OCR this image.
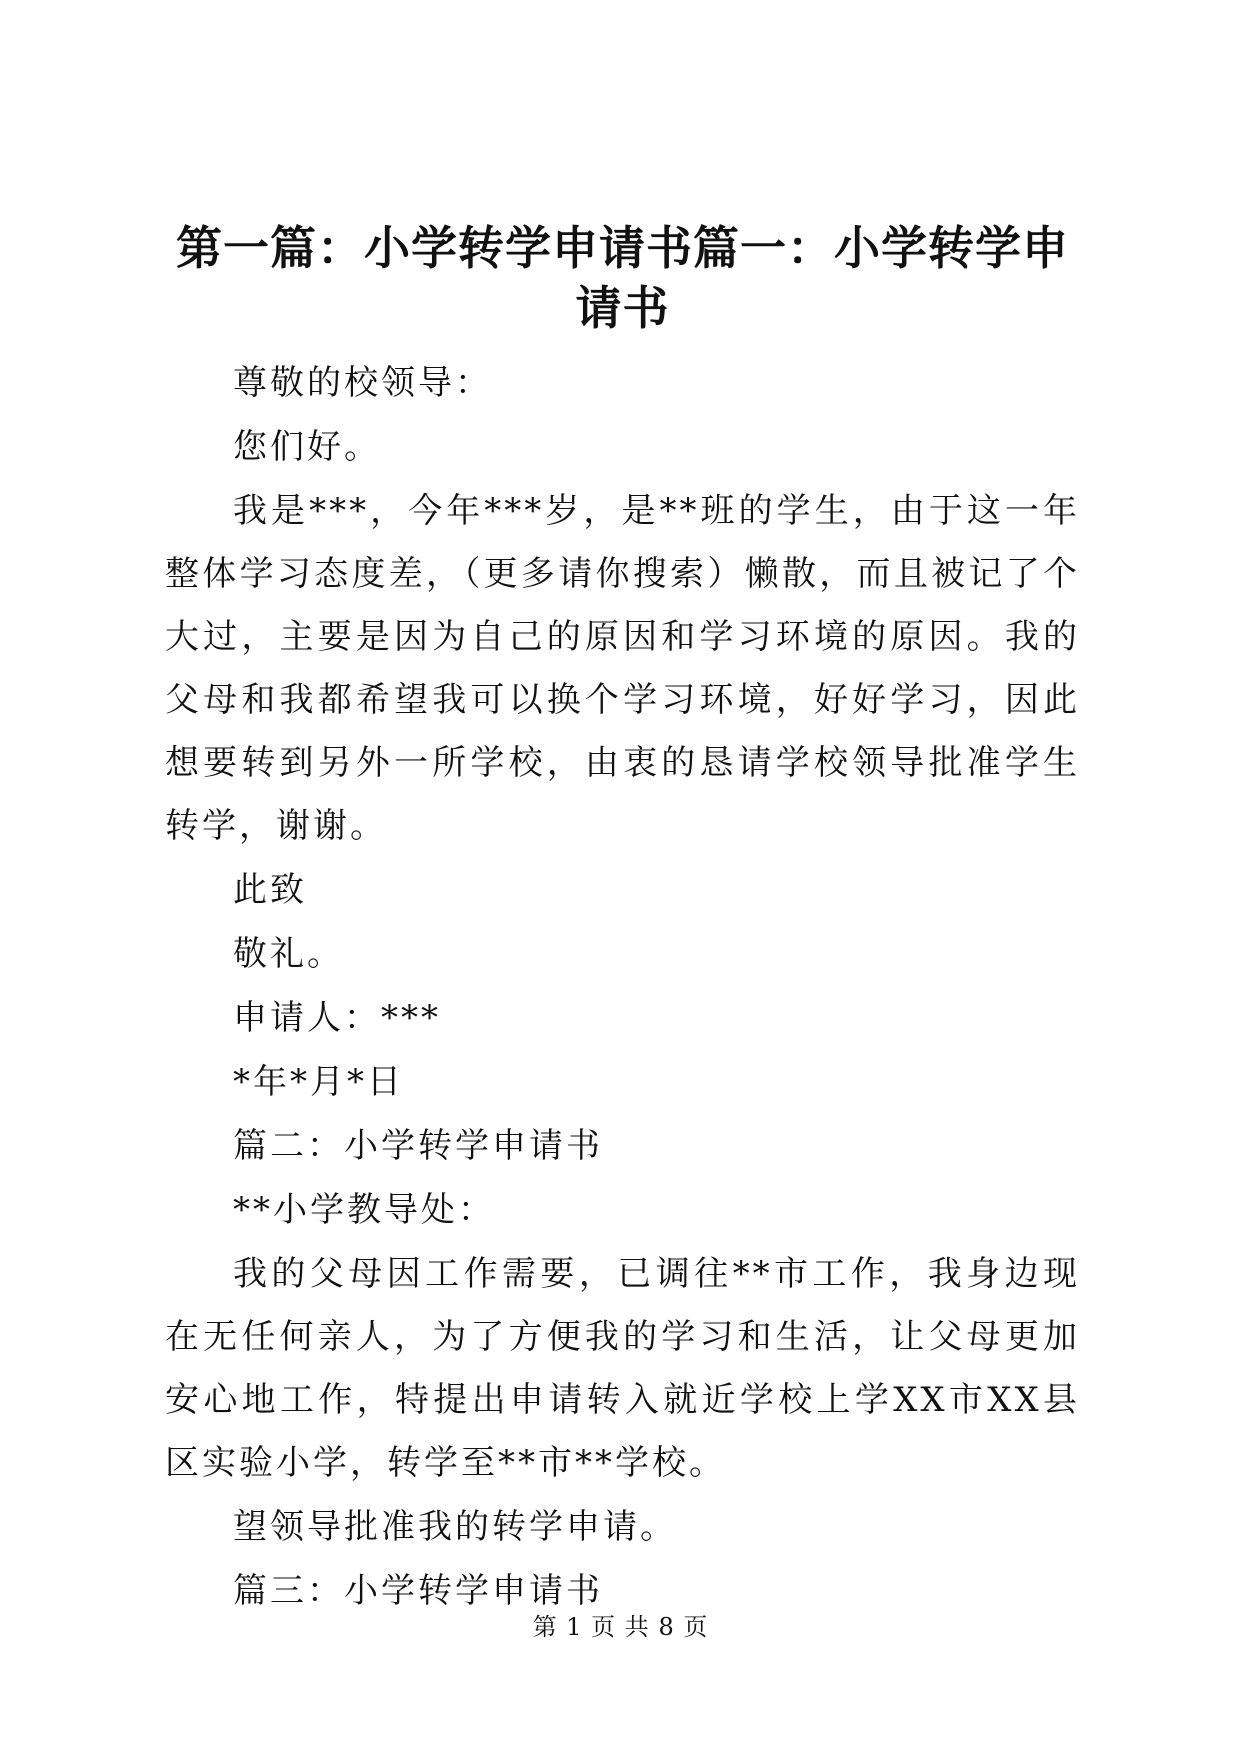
第一篇：小学转学申请书篇一：小学转学申请书

尊敬的校领导：

您们好。

我是***，今年***岁，是**班的学生，由于这一年整体学习态度差，（更多请你搜索）懒散，而且被记了个大过，主要是因为自己的原因和学习环境的原因。我的父母和我都希望我可以换个学习环境，好好学习，因此想要转到另外一所学校，由衷的恳请学校领导批准学生转学，谢谢。

此致

敬礼。

申请人：***

*年*月*日

篇二：小学转学申请书

**小学教导处：

我的父母因工作需要，已调往**市工作，我身边现在无任何亲人，为了方便我的学习和生活，让父母更加安心地工作，特提出申请转入就近学校上学XX市XX县区实验小学，转学至**市**学校。

望领导批准我的转学申请。

篇三：小学转学申请书

第 1 页 共 8 页
